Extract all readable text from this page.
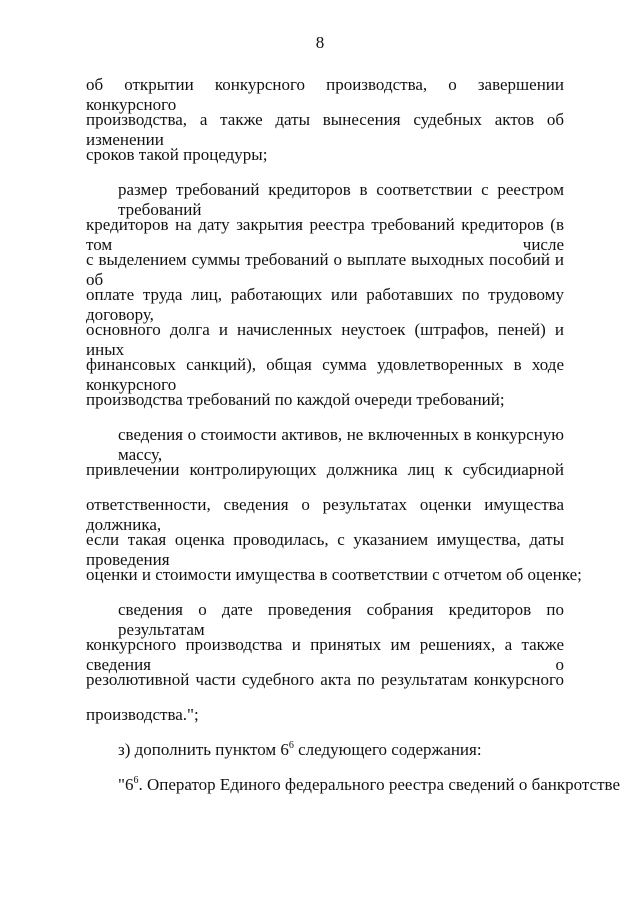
8
об открытии конкурсного производства, о завершении конкурсного
производства, а также даты вынесения судебных актов об изменении
сроков такой процедуры;
размер требований кредиторов в соответствии с реестром требований
кредиторов на дату закрытия реестра требований кредиторов (в том числе
с выделением суммы требований о выплате выходных пособий и об
оплате труда лиц, работающих или работавших по трудовому договору,
основного долга и начисленных неустоек (штрафов, пеней) и иных
финансовых санкций), общая сумма удовлетворенных в ходе конкурсного
производства требований по каждой очереди требований;
сведения о стоимости активов, не включенных в конкурсную массу,
привлечении контролирующих должника лиц к субсидиарной
ответственности, сведения о результатах оценки имущества должника,
если такая оценка проводилась, с указанием имущества, даты проведения
оценки и стоимости имущества в соответствии с отчетом об оценке;
сведения о дате проведения собрания кредиторов по результатам
конкурсного производства и принятых им решениях, а также сведения о
резолютивной части судебного акта по результатам конкурсного
производства.";
з) дополнить пунктом $6^6$ следующего содержания:
"$6^6$. Оператор Единого федерального реестра сведений о банкротстве
